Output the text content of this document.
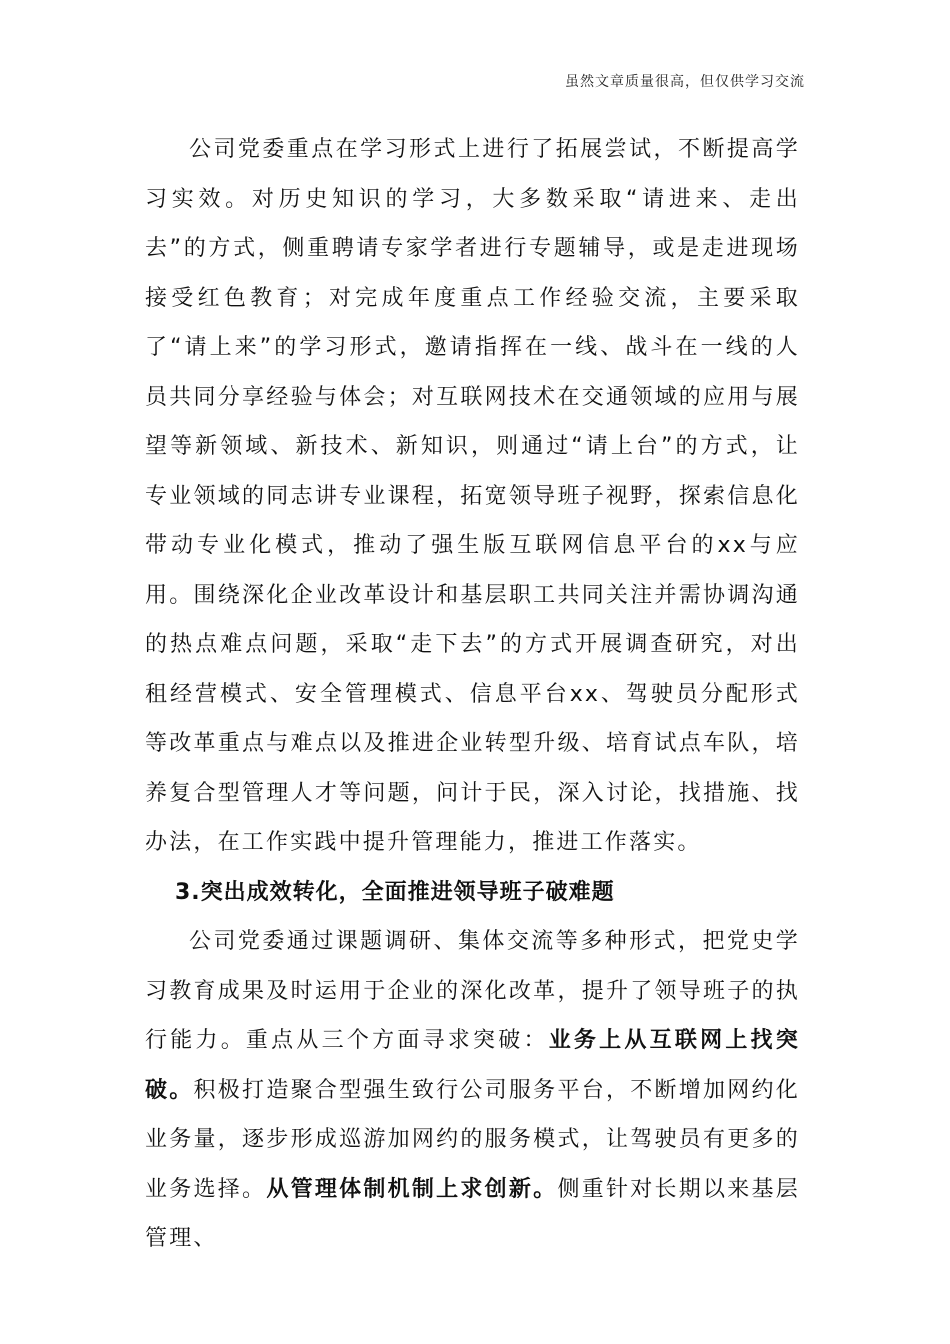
虽然文章质量很高，但仅供学习交流

公司党委重点在学习形式上进行了拓展尝试，不断提高学习实效。对历史知识的学习，大多数采取“请进来、走出去”的方式，侧重聘请专家学者进行专题辅导，或是走进现场接受红色教育；对完成年度重点工作经验交流，主要采取了“请上来”的学习形式，邀请指挥在一线、战斗在一线的人员共同分享经验与体会；对互联网技术在交通领域的应用与展望等新领域、新技术、新知识，则通过“请上台”的方式，让专业领域的同志讲专业课程，拓宽领导班子视野，探索信息化带动专业化模式，推动了强生版互联网信息平台的xx与应用。围绕深化企业改革设计和基层职工共同关注并需协调沟通的热点难点问题，采取“走下去”的方式开展调查研究，对出租经营模式、安全管理模式、信息平台xx、驾驶员分配形式等改革重点与难点以及推进企业转型升级、培育试点车队，培养复合型管理人才等问题，问计于民，深入讨论，找措施、找办法，在工作实践中提升管理能力，推进工作落实。

3.突出成效转化，全面推进领导班子破难题

公司党委通过课题调研、集体交流等多种形式，把党史学习教育成果及时运用于企业的深化改革，提升了领导班子的执行能力。重点从三个方面寻求突破：业务上从互联网上找突破。积极打造聚合型强生致行公司服务平台，不断增加网约化业务量，逐步形成巡游加网约的服务模式，让驾驶员有更多的业务选择。从管理体制机制上求创新。侧重针对长期以来基层管理、
